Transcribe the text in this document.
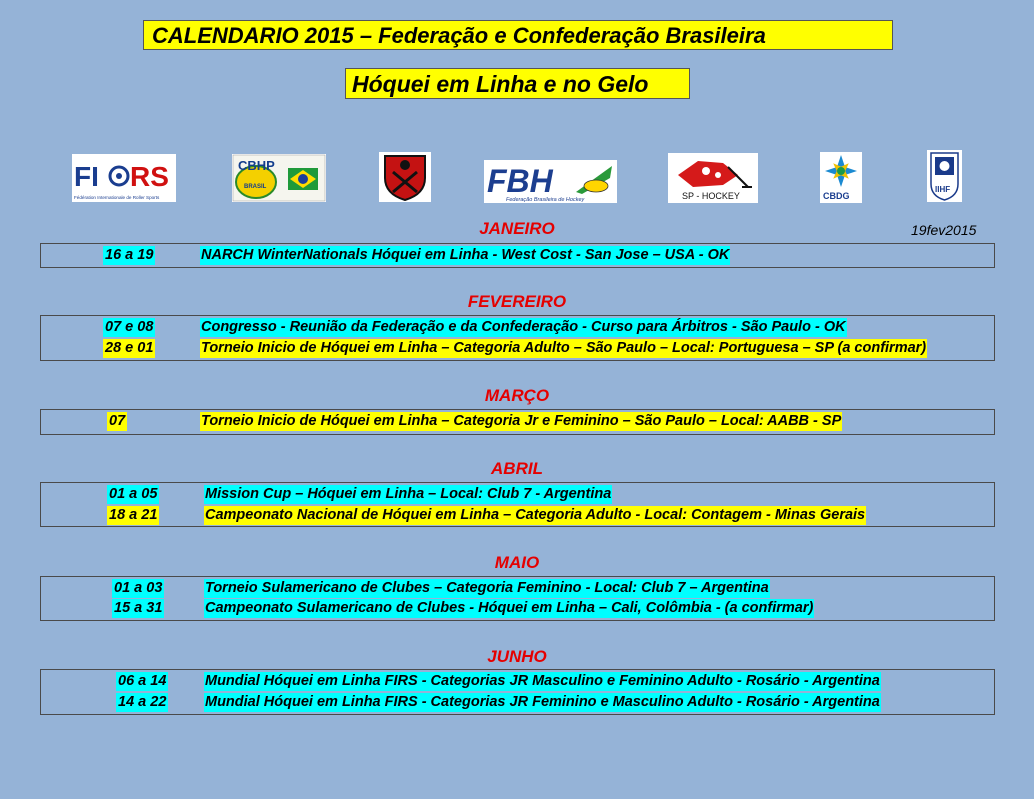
CALENDARIO 2015 – Federação e Confederação Brasileira
Hóquei em Linha e no Gelo
FI RS
Fédération Internationale de Roller Sports
CBHP
BRASIL	FBH
Federação Brasileira de Hockey	SP - HOCKEY	CBDG
IIHF
19fev2015
JANEIRO
16 a 19	NARCH WinterNationals Hóquei em Linha - West Cost - San Jose – USA - OK
FEVEREIRO
07 e 08	Congresso - Reunião da Federação e da Confederação - Curso para Árbitros - São Paulo - OK
28 e 01	Torneio Inicio de Hóquei em Linha – Categoria Adulto – São Paulo – Local: Portuguesa – SP (a confirmar)
MARÇO
07	Torneio Inicio de Hóquei em Linha – Categoria Jr e Feminino – São Paulo – Local: AABB - SP
ABRIL
01 a 05	Mission Cup – Hóquei em Linha – Local: Club 7 - Argentina
18 a 21	Campeonato Nacional de Hóquei em Linha – Categoria Adulto - Local: Contagem - Minas Gerais
MAIO
01 a 03	Torneio Sulamericano de Clubes – Categoria Feminino - Local: Club 7 – Argentina
15 a 31	Campeonato Sulamericano de Clubes - Hóquei em Linha – Cali, Colômbia - (a confirmar)
JUNHO
06 a 14	Mundial Hóquei em Linha FIRS - Categorias JR Masculino e Feminino Adulto - Rosário - Argentina
14 a 22	Mundial Hóquei em Linha FIRS - Categorias JR Feminino e Masculino Adulto - Rosário - Argentina
